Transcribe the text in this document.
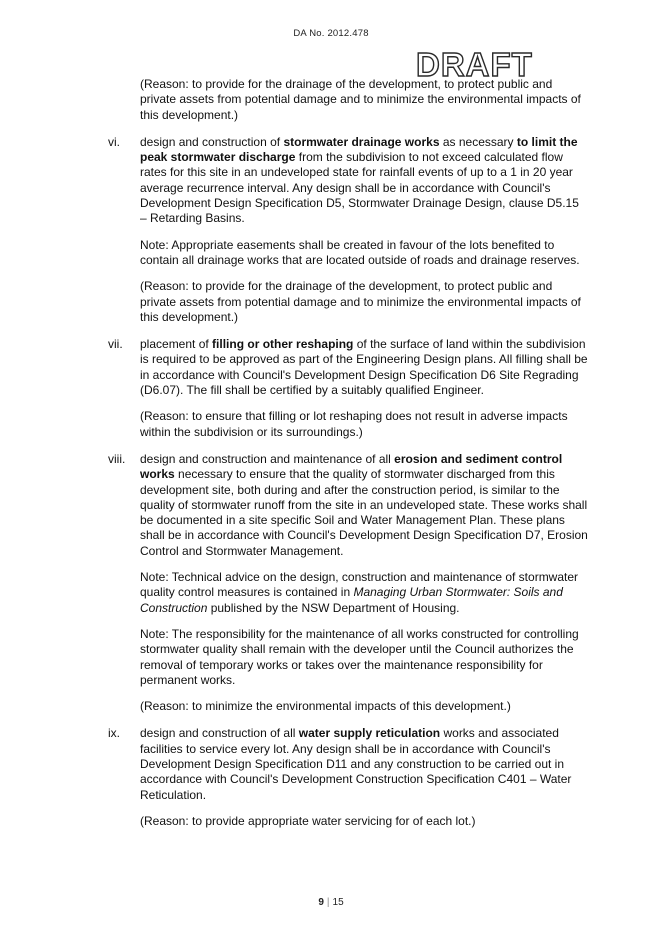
DA No. 2012.478
DRAFT

(Reason: to provide for the drainage of the development, to protect public and private assets from potential damage and to minimize the environmental impacts of this development.)

vi.	design and construction of stormwater drainage works as necessary to limit the peak stormwater discharge from the subdivision to not exceed calculated flow rates for this site in an undeveloped state for rainfall events of up to a 1 in 20 year average recurrence interval. Any design shall be in accordance with Council's Development Design Specification D5, Stormwater Drainage Design, clause D5.15 – Retarding Basins.

Note: Appropriate easements shall be created in favour of the lots benefited to contain all drainage works that are located outside of roads and drainage reserves.

(Reason: to provide for the drainage of the development, to protect public and private assets from potential damage and to minimize the environmental impacts of this development.)

vii.	placement of filling or other reshaping of the surface of land within the subdivision is required to be approved as part of the Engineering Design plans. All filling shall be in accordance with Council's Development Design Specification D6 Site Regrading (D6.07). The fill shall be certified by a suitably qualified Engineer.

(Reason: to ensure that filling or lot reshaping does not result in adverse impacts within the subdivision or its surroundings.)

viii.	design and construction and maintenance of all erosion and sediment control works necessary to ensure that the quality of stormwater discharged from this development site, both during and after the construction period, is similar to the quality of stormwater runoff from the site in an undeveloped state. These works shall be documented in a site specific Soil and Water Management Plan. These plans shall be in accordance with Council's Development Design Specification D7, Erosion Control and Stormwater Management.

Note: Technical advice on the design, construction and maintenance of stormwater quality control measures is contained in Managing Urban Stormwater: Soils and Construction published by the NSW Department of Housing.

Note: The responsibility for the maintenance of all works constructed for controlling stormwater quality shall remain with the developer until the Council authorizes the removal of temporary works or takes over the maintenance responsibility for permanent works.

(Reason: to minimize the environmental impacts of this development.)

ix.	design and construction of all water supply reticulation works and associated facilities to service every lot. Any design shall be in accordance with Council's Development Design Specification D11 and any construction to be carried out in accordance with Council's Development Construction Specification C401 – Water Reticulation.

(Reason: to provide appropriate water servicing for of each lot.)

9 | 15
